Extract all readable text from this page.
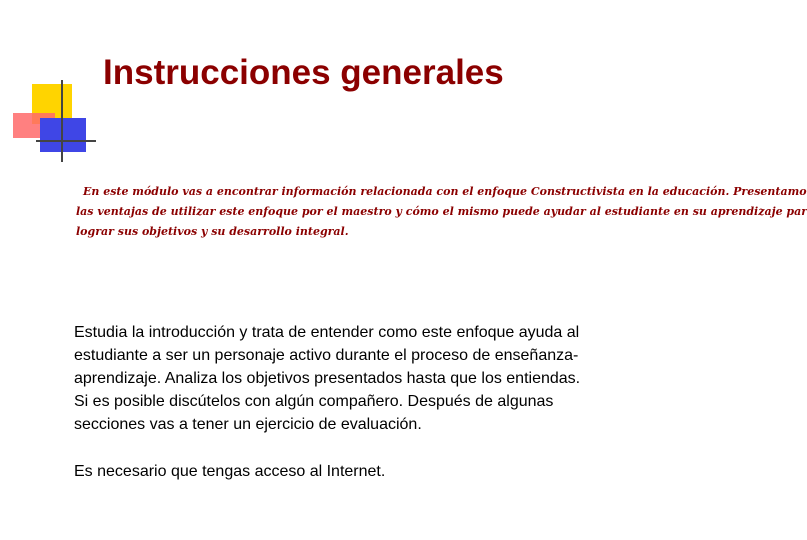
Instrucciones generales

En este módulo vas a encontrar información relacionada con el enfoque Constructivista en la educación. Presentamo
las ventajas de utilizar este enfoque por el maestro y cómo el mismo puede ayudar al estudiante en su aprendizaje par
lograr sus objetivos y su desarrollo integral.

Estudia la introducción y trata de entender como este enfoque ayuda al
estudiante a ser un personaje activo durante el proceso de enseñanza-
aprendizaje. Analiza los objetivos presentados hasta que los entiendas.
Si es posible discútelos con algún compañero. Después de algunas
secciones vas a tener un ejercicio de evaluación.

Es necesario que tengas acceso al Internet.
